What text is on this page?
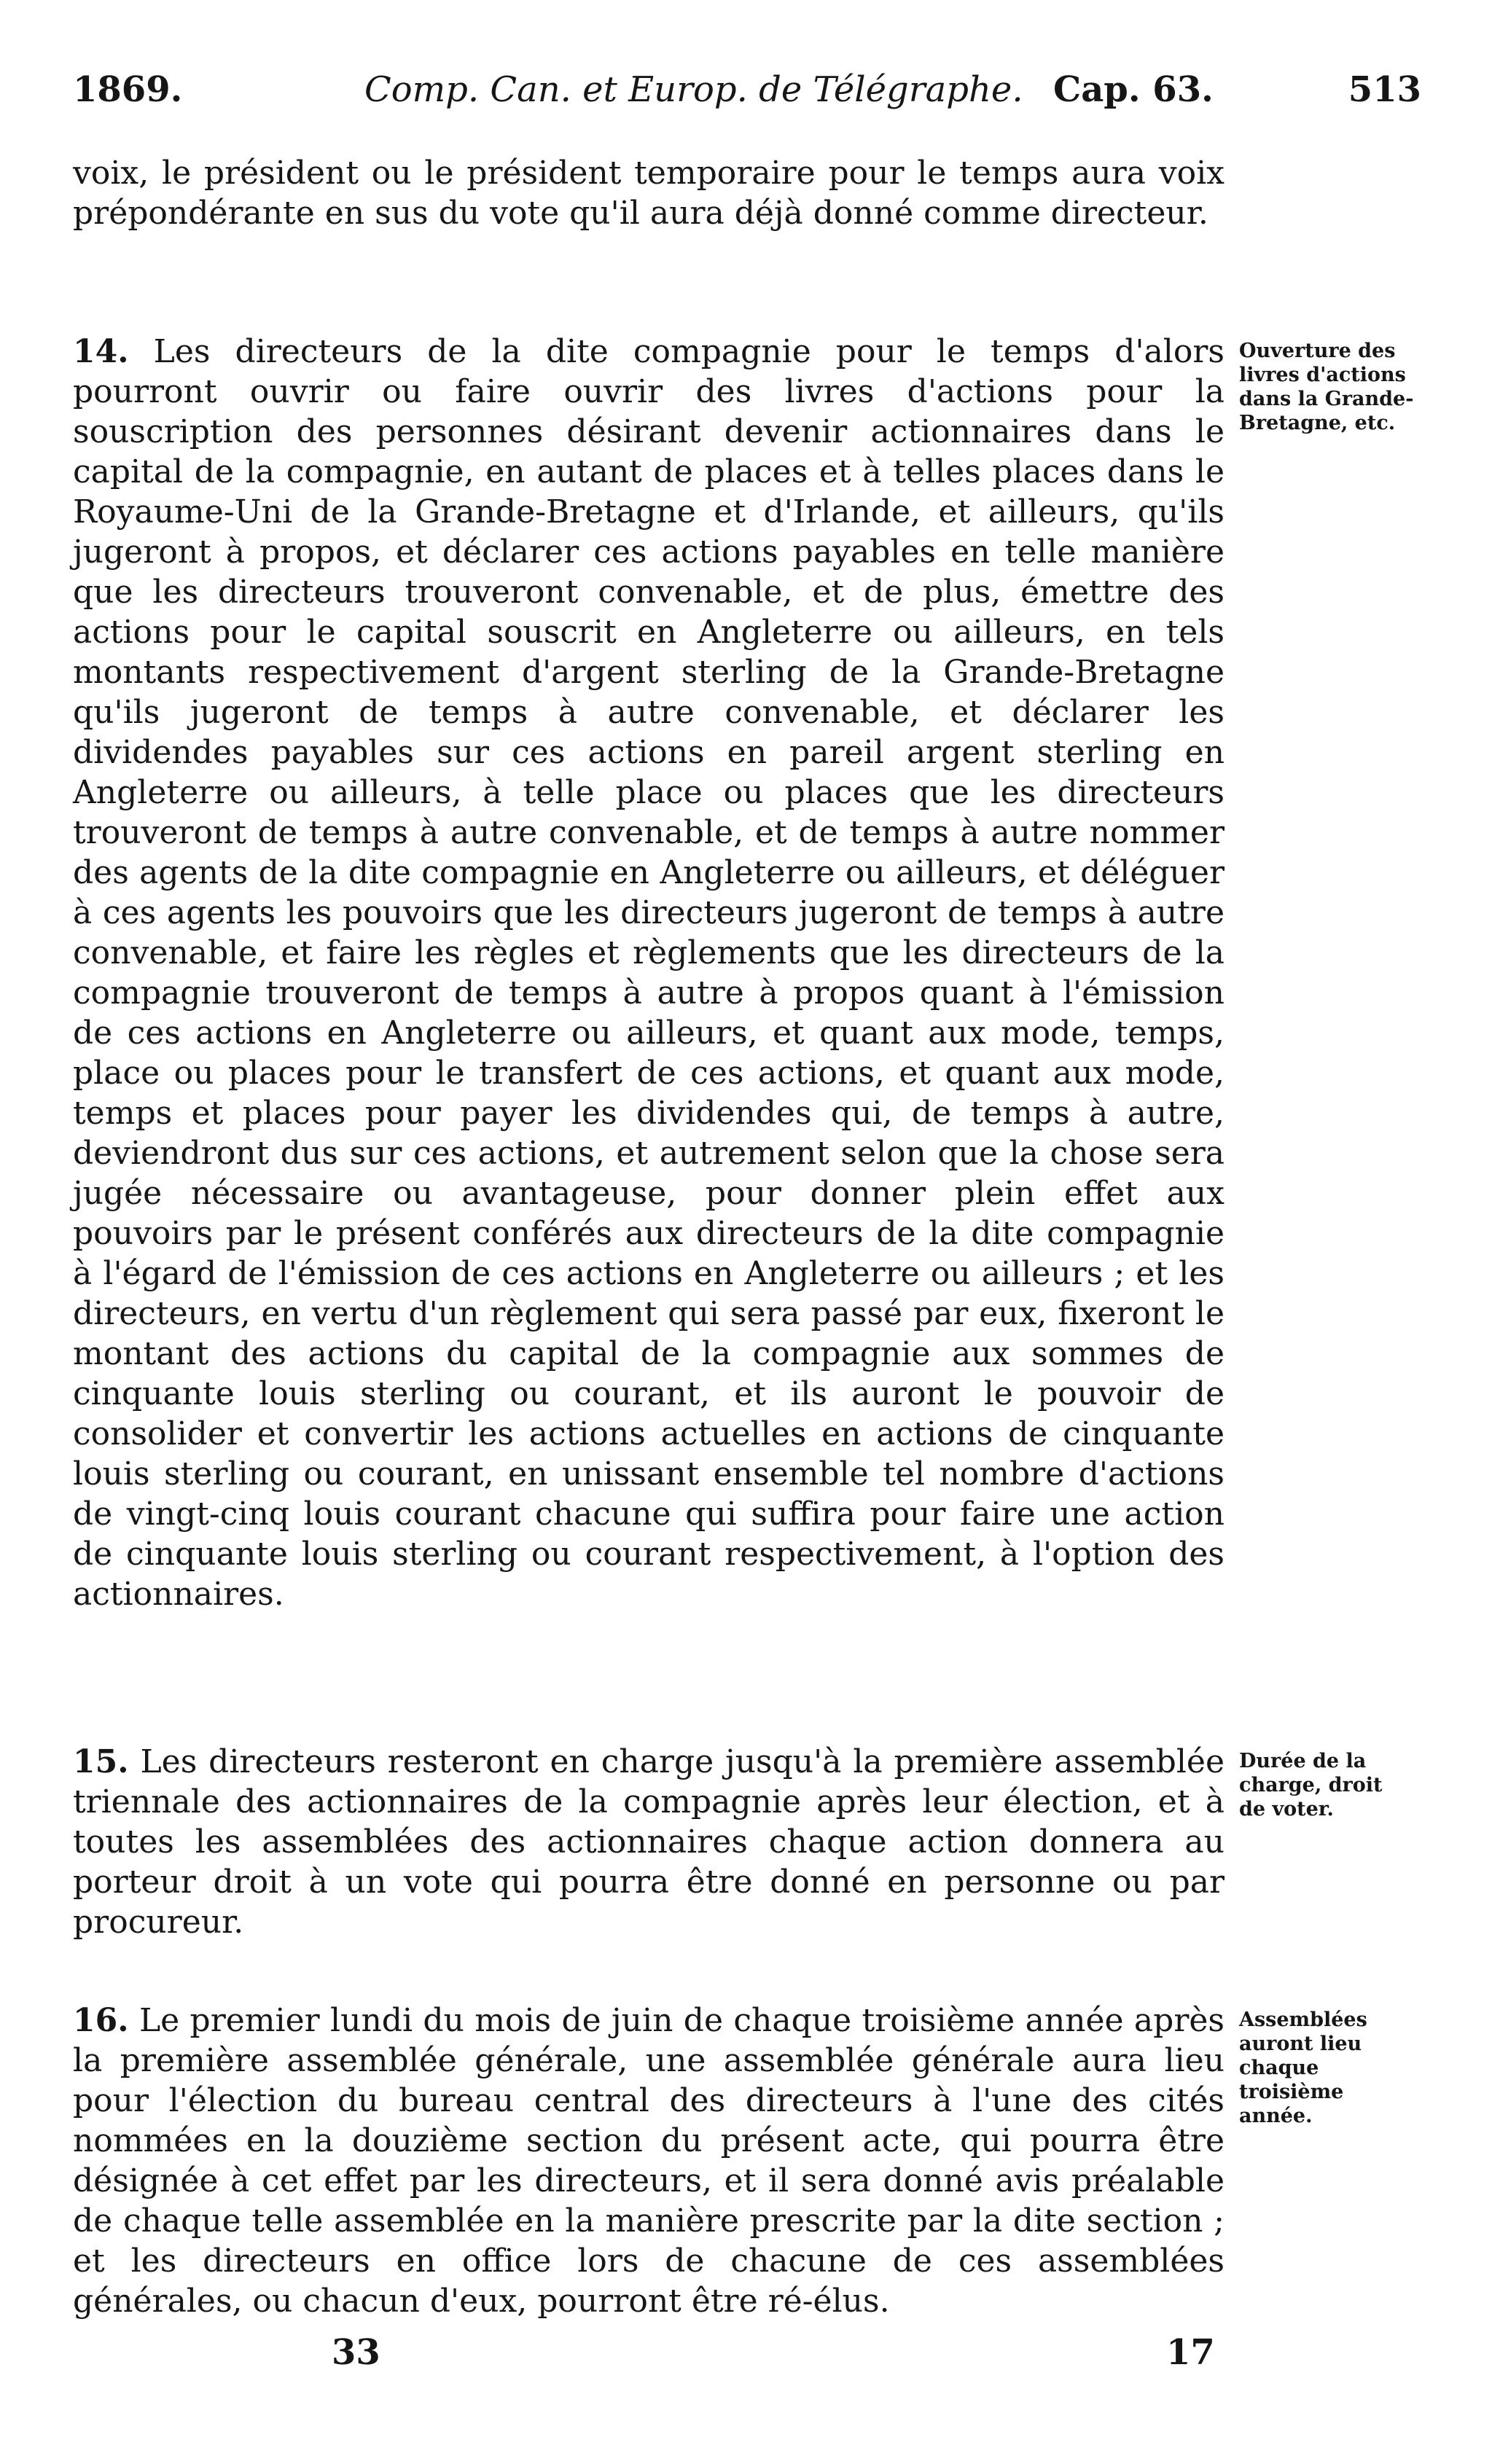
1869.	Comp. Can. et Europ. de Télégraphe. Cap. 63.	513

voix, le président ou le président temporaire pour le temps aura voix prépondérante en sus du vote qu'il aura déjà donné comme directeur.

14. Les directeurs de la dite compagnie pour le temps d'alors pourront ouvrir ou faire ouvrir des livres d'actions pour la souscription des personnes désirant devenir actionnaires dans le capital de la compagnie, en autant de places et à telles places dans le Royaume-Uni de la Grande-Bretagne et d'Irlande, et ailleurs, qu'ils jugeront à propos, et déclarer ces actions payables en telle manière que les directeurs trouveront convenable, et de plus, émettre des actions pour le capital souscrit en Angleterre ou ailleurs, en tels montants respectivement d'argent sterling de la Grande-Bretagne qu'ils jugeront de temps à autre convenable, et déclarer les dividendes payables sur ces actions en pareil argent sterling en Angleterre ou ailleurs, à telle place ou places que les directeurs trouveront de temps à autre convenable, et de temps à autre nommer des agents de la dite compagnie en Angleterre ou ailleurs, et déléguer à ces agents les pouvoirs que les directeurs jugeront de temps à autre convenable, et faire les règles et règlements que les directeurs de la compagnie trouveront de temps à autre à propos quant à l'émission de ces actions en Angleterre ou ailleurs, et quant aux mode, temps, place ou places pour le transfert de ces actions, et quant aux mode, temps et places pour payer les dividendes qui, de temps à autre, deviendront dus sur ces actions, et autrement selon que la chose sera jugée nécessaire ou avantageuse, pour donner plein effet aux pouvoirs par le présent conférés aux directeurs de la dite compagnie à l'égard de l'émission de ces actions en Angleterre ou ailleurs ; et les directeurs, en vertu d'un règlement qui sera passé par eux, fixeront le montant des actions du capital de la compagnie aux sommes de cinquante louis sterling ou courant, et ils auront le pouvoir de consolider et convertir les actions actuelles en actions de cinquante louis sterling ou courant, en unissant ensemble tel nombre d'actions de vingt-cinq louis courant chacune qui suffira pour faire une action de cinquante louis sterling ou courant respectivement, à l'option des actionnaires.

Ouverture des livres d'actions dans la Grande-Bretagne, etc.

15. Les directeurs resteront en charge jusqu'à la première assemblée triennale des actionnaires de la compagnie après leur élection, et à toutes les assemblées des actionnaires chaque action donnera au porteur droit à un vote qui pourra être donné en personne ou par procureur.

Durée de la charge, droit de voter.

16. Le premier lundi du mois de juin de chaque troisième année après la première assemblée générale, une assemblée générale aura lieu pour l'élection du bureau central des directeurs à l'une des cités nommées en la douzième section du présent acte, qui pourra être désignée à cet effet par les directeurs, et il sera donné avis préalable de chaque telle assemblée en la manière prescrite par la dite section ; et les directeurs en office lors de chacune de ces assemblées générales, ou chacun d'eux, pourront être ré-élus.

Assemblées auront lieu chaque troisième année.
33	17
